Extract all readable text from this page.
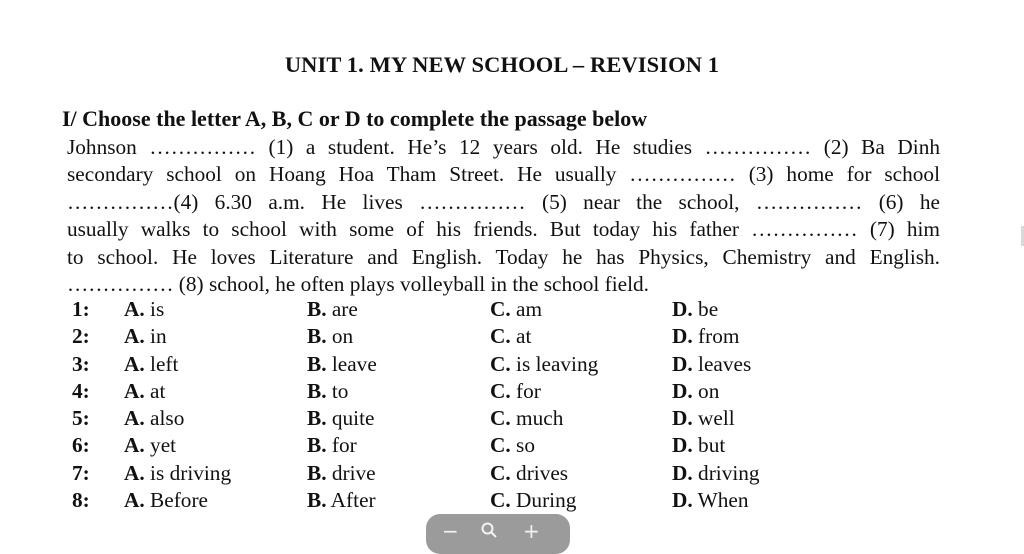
UNIT 1. MY NEW SCHOOL – REVISION 1
I/ Choose the letter A, B, C or D to complete the passage below
Johnson …………… (1) a student. He’s 12 years old. He studies …………… (2) Ba Dinh
secondary school on Hoang Hoa Tham Street. He usually …………… (3) home for school
……………(4) 6.30 a.m. He lives …………… (5) near the school, …………… (6) he
usually walks to school with some of his friends. But today his father …………… (7) him
to school. He loves Literature and English. Today he has Physics, Chemistry and English.
…………… (8) school, he often plays volleyball in the school field.
1: A. is	B. are	C. am	D. be
2: A. in	B. on	C. at	D. from
3: A. left	B. leave	C. is leaving	D. leaves
4: A. at	B. to	C. for	D. on
5: A. also	B. quite	C. much	D. well
6: A. yet	B. for	C. so	D. but
7: A. is driving	B. drive	C. drives	D. driving
8: A. Before	B. After	C. During	D. When
−	+
